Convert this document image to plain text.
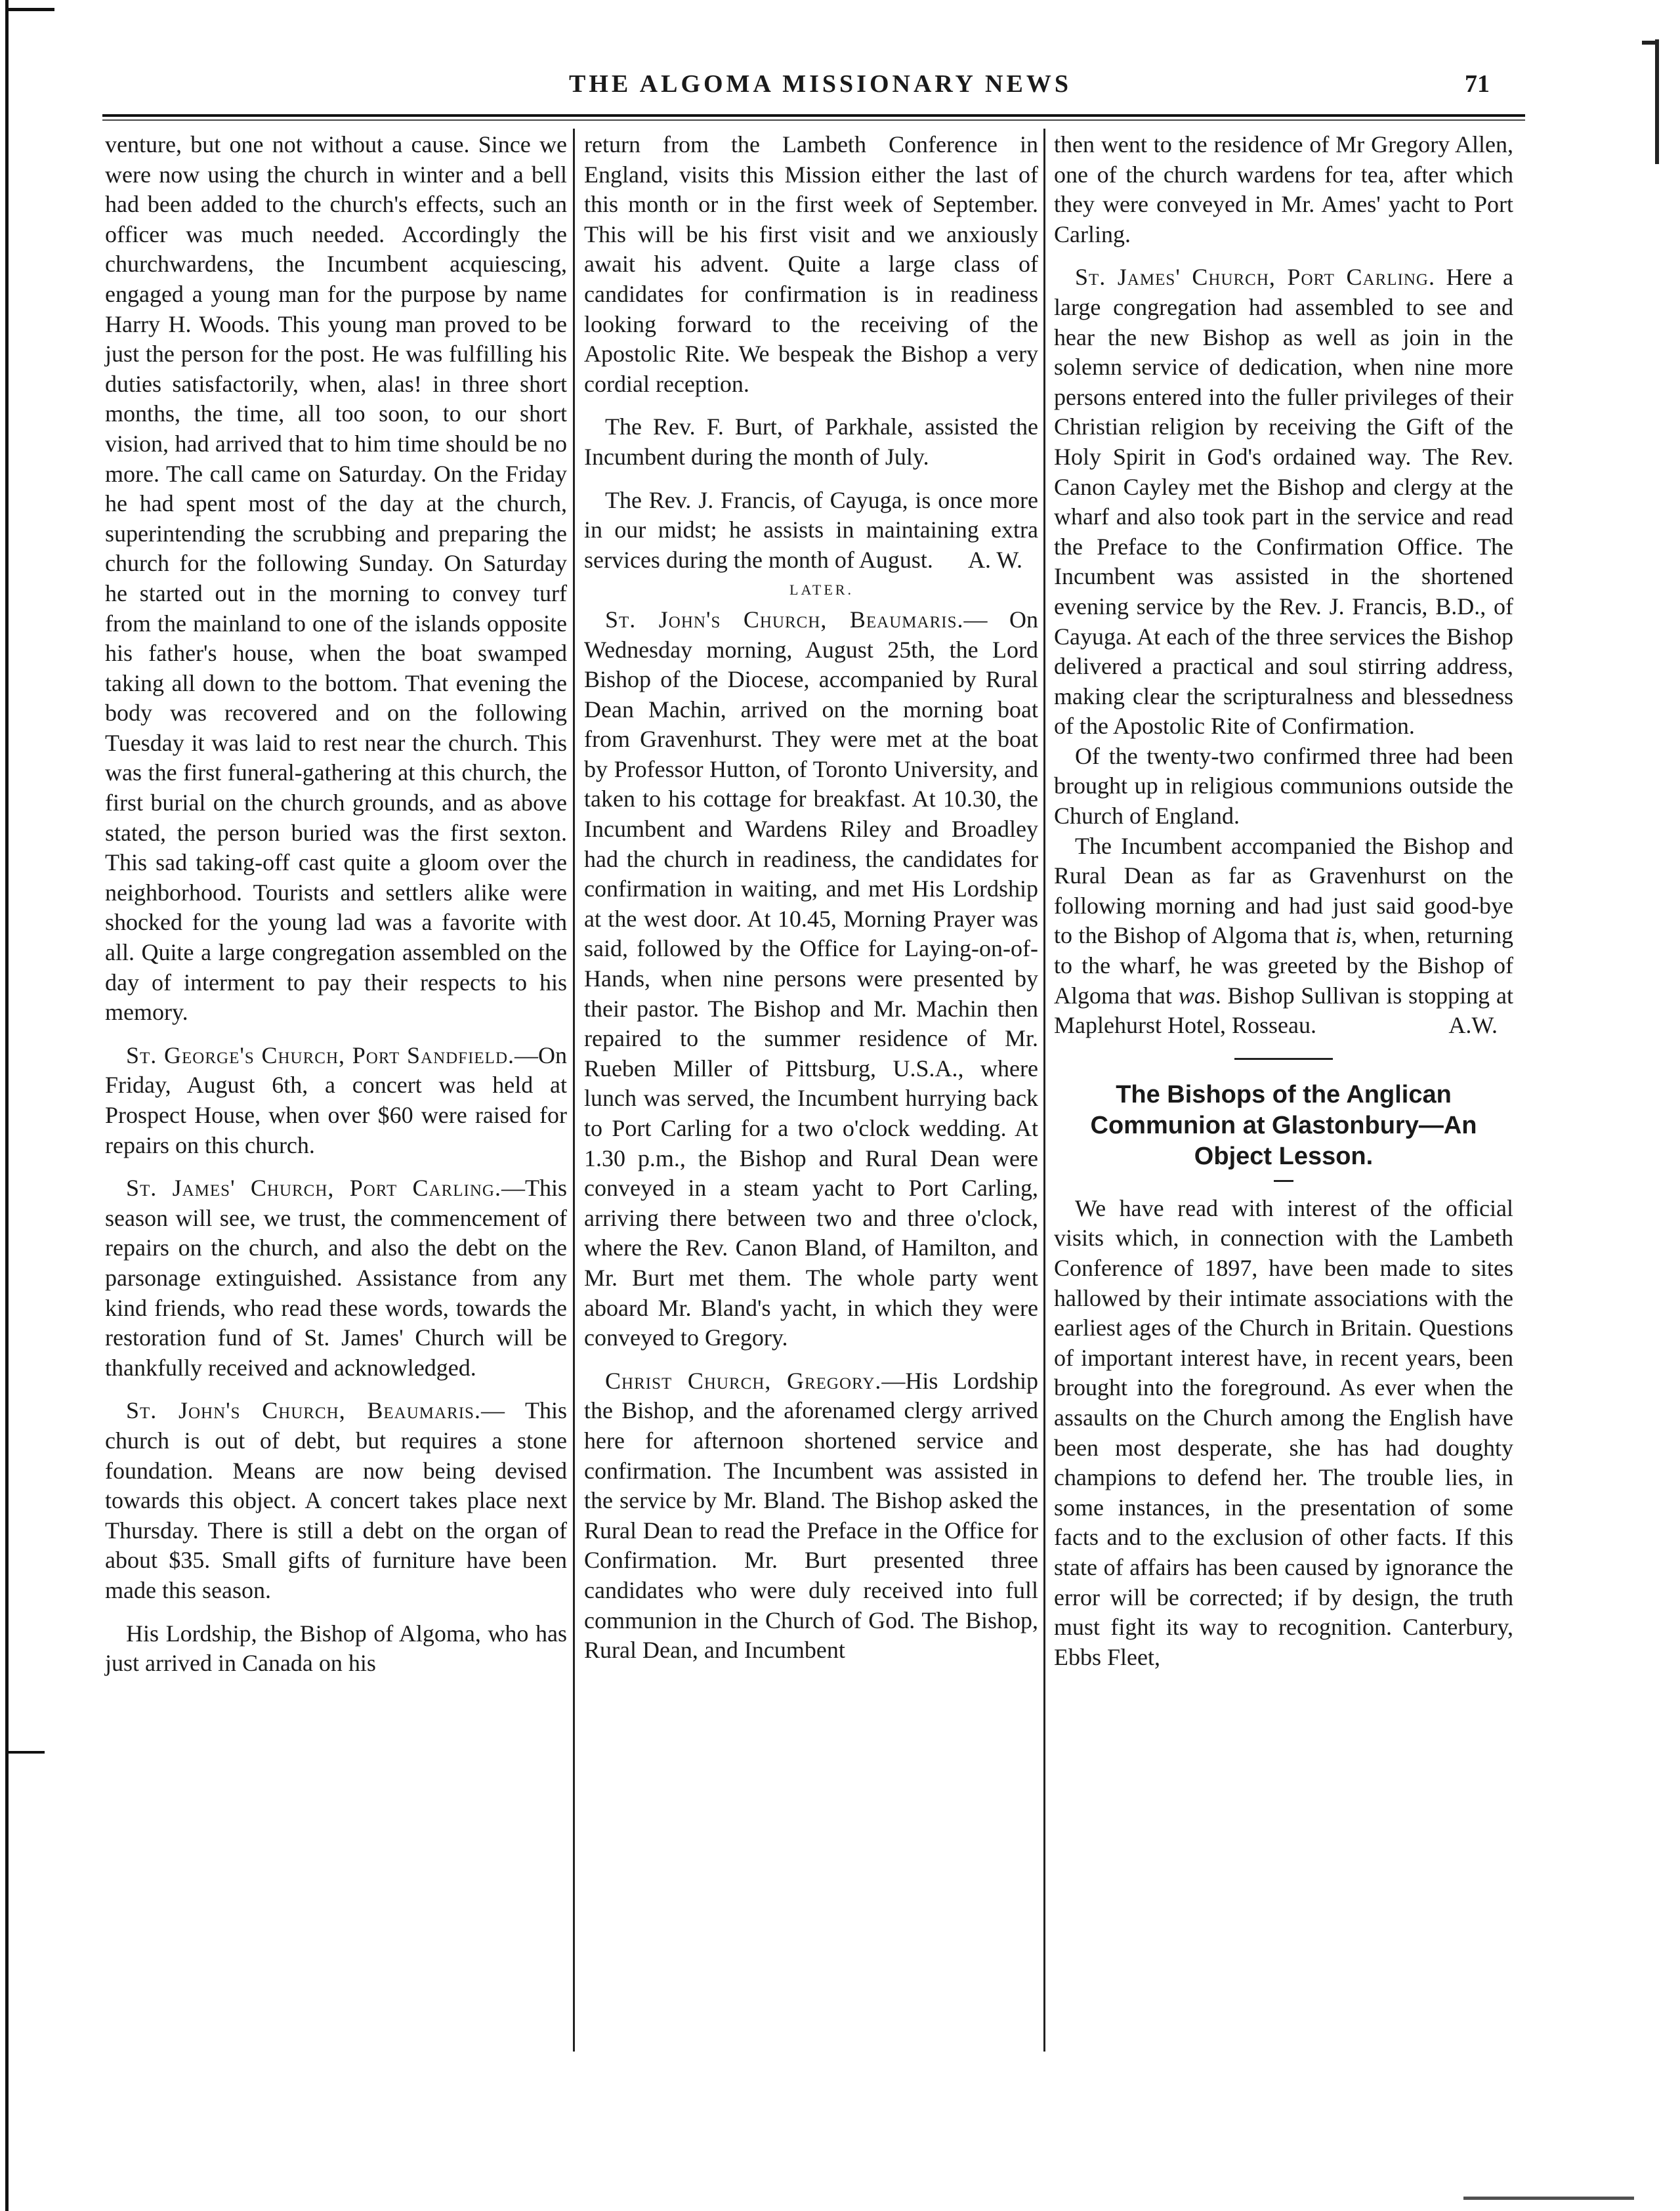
THE ALGOMA MISSIONARY NEWS	71

venture, but one not without a cause. Since we were now using the church in winter and a bell had been added to the church's effects, such an officer was much needed. Accordingly the churchwardens, the Incumbent acquiescing, engaged a young man for the purpose by name Harry H. Woods. This young man proved to be just the person for the post. He was fulfilling his duties satisfactorily, when, alas! in three short months, the time, all too soon, to our short vision, had arrived that to him time should be no more. The call came on Saturday. On the Friday he had spent most of the day at the church, superintending the scrubbing and preparing the church for the following Sunday. On Saturday he started out in the morning to convey turf from the mainland to one of the islands opposite his father's house, when the boat swamped taking all down to the bottom. That evening the body was recovered and on the following Tuesday it was laid to rest near the church. This was the first funeral-gathering at this church, the first burial on the church grounds, and as above stated, the person buried was the first sexton. This sad taking-off cast quite a gloom over the neighborhood. Tourists and settlers alike were shocked for the young lad was a favorite with all. Quite a large congregation assembled on the day of interment to pay their respects to his memory.

St. George's Church, Port Sandfield.—On Friday, August 6th, a concert was held at Prospect House, when over $60 were raised for repairs on this church.

St. James' Church, Port Carling.—This season will see, we trust, the commencement of repairs on the church, and also the debt on the parsonage extinguished. Assistance from any kind friends, who read these words, towards the restoration fund of St. James' Church will be thankfully received and acknowledged.

St. John's Church, Beaumaris.— This church is out of debt, but requires a stone foundation. Means are now being devised towards this object. A concert takes place next Thursday. There is still a debt on the organ of about $35. Small gifts of furniture have been made this season.

His Lordship, the Bishop of Algoma, who has just arrived in Canada on his

return from the Lambeth Conference in England, visits this Mission either the last of this month or in the first week of September. This will be his first visit and we anxiously await his advent. Quite a large class of candidates for confirmation is in readiness looking forward to the receiving of the Apostolic Rite. We bespeak the Bishop a very cordial reception.

The Rev. F. Burt, of Parkhale, assisted the Incumbent during the month of July.

The Rev. J. Francis, of Cayuga, is once more in our midst; he assists in maintaining extra services during the month of August.	A. W.

LATER.

St. John's Church, Beaumaris.— On Wednesday morning, August 25th, the Lord Bishop of the Diocese, accompanied by Rural Dean Machin, arrived on the morning boat from Gravenhurst. They were met at the boat by Professor Hutton, of Toronto University, and taken to his cottage for breakfast. At 10.30, the Incumbent and Wardens Riley and Broadley had the church in readiness, the candidates for confirmation in waiting, and met His Lordship at the west door. At 10.45, Morning Prayer was said, followed by the Office for Laying-on-of-Hands, when nine persons were presented by their pastor. The Bishop and Mr. Machin then repaired to the summer residence of Mr. Rueben Miller of Pittsburg, U.S.A., where lunch was served, the Incumbent hurrying back to Port Carling for a two o'clock wedding. At 1.30 p.m., the Bishop and Rural Dean were conveyed in a steam yacht to Port Carling, arriving there between two and three o'clock, where the Rev. Canon Bland, of Hamilton, and Mr. Burt met them. The whole party went aboard Mr. Bland's yacht, in which they were conveyed to Gregory.

Christ Church, Gregory.—His Lordship the Bishop, and the aforenamed clergy arrived here for afternoon shortened service and confirmation. The Incumbent was assisted in the service by Mr. Bland. The Bishop asked the Rural Dean to read the Preface in the Office for Confirmation. Mr. Burt presented three candidates who were duly received into full communion in the Church of God. The Bishop, Rural Dean, and Incumbent

then went to the residence of Mr Gregory Allen, one of the church wardens for tea, after which they were conveyed in Mr. Ames' yacht to Port Carling.

St. James' Church, Port Carling. Here a large congregation had assembled to see and hear the new Bishop as well as join in the solemn service of dedication, when nine more persons entered into the fuller privileges of their Christian religion by receiving the Gift of the Holy Spirit in God's ordained way. The Rev. Canon Cayley met the Bishop and clergy at the wharf and also took part in the service and read the Preface to the Confirmation Office. The Incumbent was assisted in the shortened evening service by the Rev. J. Francis, B.D., of Cayuga. At each of the three services the Bishop delivered a practical and soul stirring address, making clear the scripturalness and blessedness of the Apostolic Rite of Confirmation.

Of the twenty-two confirmed three had been brought up in religious communions outside the Church of England.

The Incumbent accompanied the Bishop and Rural Dean as far as Gravenhurst on the following morning and had just said good-bye to the Bishop of Algoma that is, when, returning to the wharf, he was greeted by the Bishop of Algoma that was. Bishop Sullivan is stopping at Maplehurst Hotel, Rosseau.	A.W.

The Bishops of the Anglican Communion at Glastonbury—An Object Lesson.

We have read with interest of the official visits which, in connection with the Lambeth Conference of 1897, have been made to sites hallowed by their intimate associations with the earliest ages of the Church in Britain. Questions of important interest have, in recent years, been brought into the foreground. As ever when the assaults on the Church among the English have been most desperate, she has had doughty champions to defend her. The trouble lies, in some instances, in the presentation of some facts and to the exclusion of other facts. If this state of affairs has been caused by ignorance the error will be corrected; if by design, the truth must fight its way to recognition. Canterbury, Ebbs Fleet,
